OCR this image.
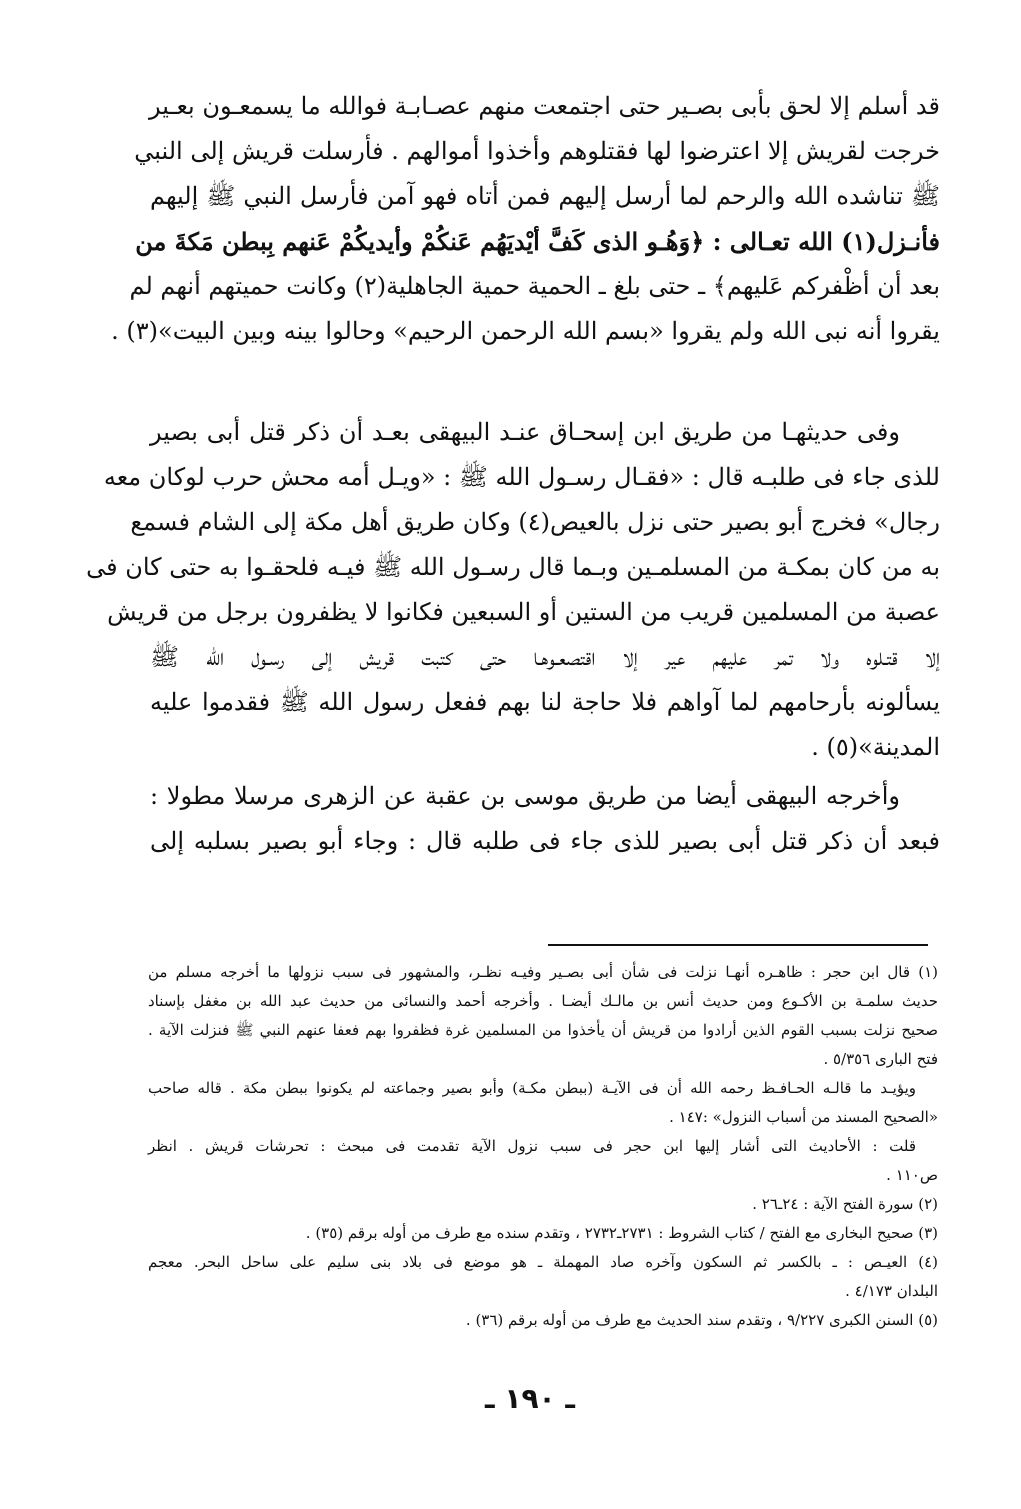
قد أسلم إلا لحق بأبى بصـير حتى اجتمعت منهم عصـابـة فوالله ما يسمعـون بعـير
خرجت لقريش إلا اعترضوا لها فقتلوهم وأخذوا أموالهم . فأرسلت قريش إلى النبي
ﷺ تناشده الله والرحم لما أرسل إليهم فمن أتاه فهو آمن فأرسل النبي ﷺ إليهم
فأنـزل(١) الله تعـالى : ﴿وَهُـو الذى كَفَّ أيْديَهُم عَنكُمْ وأيديكُمْ عَنهم بِبطن مَكةَ من
بعد أن أظْفركم عَليهم﴾ ـ حتى بلغ ـ الحمية حمية الجاهلية(٢) وكانت حميتهم أنهم لم
يقروا أنه نبى الله ولم يقروا «بسم الله الرحمن الرحيم» وحالوا بينه وبين البيت»(٣) .
وفى حديثهـا من طريق ابن إسحـاق عنـد البيهقى بعـد أن ذكر قتل أبى بصير
للذى جاء فى طلبـه قال : «فقـال رسـول الله ﷺ : «ويـل أمه محش حرب لوكان معه
رجال» فخرج أبو بصير حتى نزل بالعيص(٤) وكان طريق أهل مكة إلى الشام فسمع
به من كان بمكـة من المسلمـين وبـما قال رسـول الله ﷺ فيـه فلحقـوا به حتى كان فى
عصبة من المسلمين قريب من الستين أو السبعين فكانوا لا يظفرون برجل من قريش
إلا قتـلوه ولا تمر عليهم عير إلا اقتصعـوهـا حتى كتبت قريش إلى رسـول الله ﷺ
يسألونه بأرحامهم لما آواهم فلا حاجة لنا بهم ففعل رسول الله ﷺ فقدموا عليه
المدينة»(٥) .
وأخرجه البيهقى أيضا من طريق موسى بن عقبة عن الزهرى مرسلا مطولا :
فبعد أن ذكر قتل أبى بصير للذى جاء فى طلبه قال : وجاء أبو بصير بسلبه إلى
(١) قال ابن حجر : ظاهـره أنهـا نزلت فى شأن أبى بصـير وفيـه نظـر، والمشهور فى سبب نزولها ما أخرجه مسلم من
حديث سلمـة بن الأكـوع ومن حديث أنس بن مالـك أيضـا . وأخرجه أحمد والنسائى من حديث عبد الله بن مغفل بإسناد
صحيح نزلت بسبب القوم الذين أرادوا من قريش أن يأخذوا من المسلمين غرة فظفروا بهم فعفا عنهم النبي ﷺ فنزلت الآية .
فتح البارى ٥/٣٥٦ .
ويؤيـد ما قالـه الحـافـظ رحمه الله أن فى الآيـة (ببطن مكـة) وأبو بصير وجماعته لم يكونوا ببطن مكة . قاله صاحب
«الصحيح المسند من أسباب النزول» :١٤٧ .
قلت : الأحاديث التى أشار إليها ابن حجر فى سبب نزول الآية تقدمت فى مبحث : تحرشات قريش . انظر
ص١١٠ .
(٢) سورة الفتح الآية : ٢٤ـ٢٦ .
(٣) صحيح البخارى مع الفتح / كتاب الشروط : ٢٧٣١ـ٢٧٣٢ ، وتقدم سنده مع طرف من أوله برقم (٣٥) .
(٤) العيـص : ـ بالكسر ثم السكون وآخره صاد المهملة ـ هو موضع فى بلاد بنى سليم على ساحل البحر. معجم
البلدان ٤/١٧٣ .
(٥) السنن الكبرى ٩/٢٢٧ ، وتقدم سند الحديث مع طرف من أوله برقم (٣٦) .
ـ ١٩٠ ـ
